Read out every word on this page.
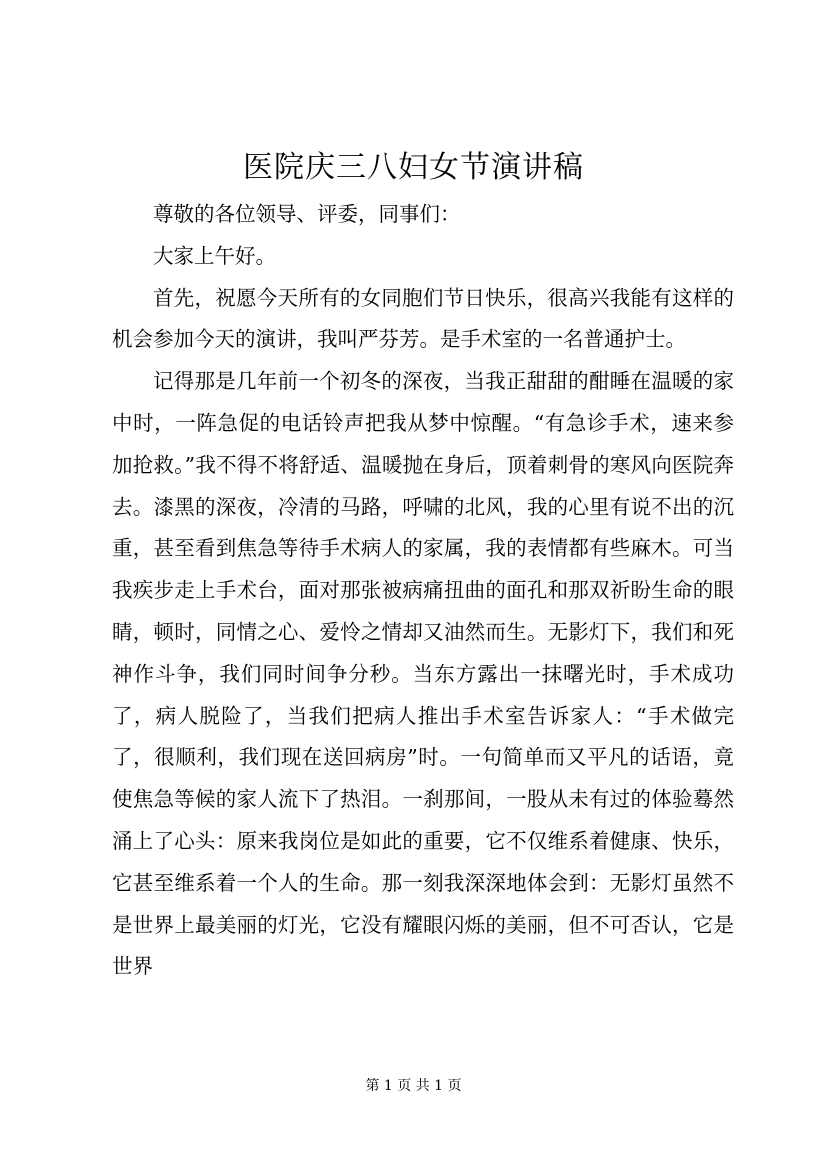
医院庆三八妇女节演讲稿

尊敬的各位领导、评委，同事们：

大家上午好。

首先，祝愿今天所有的女同胞们节日快乐，很高兴我能有这样的机会参加今天的演讲，我叫严芬芳。是手术室的一名普通护士。

记得那是几年前一个初冬的深夜，当我正甜甜的酣睡在温暖的家中时，一阵急促的电话铃声把我从梦中惊醒。“有急诊手术，速来参加抢救。”我不得不将舒适、温暖抛在身后，顶着刺骨的寒风向医院奔去。漆黑的深夜，冷清的马路，呼啸的北风，我的心里有说不出的沉重，甚至看到焦急等待手术病人的家属，我的表情都有些麻木。可当我疾步走上手术台，面对那张被病痛扭曲的面孔和那双祈盼生命的眼睛，顿时，同情之心、爱怜之情却又油然而生。无影灯下，我们和死神作斗争，我们同时间争分秒。当东方露出一抹曙光时，手术成功了，病人脱险了，当我们把病人推出手术室告诉家人：“手术做完了，很顺利，我们现在送回病房”时。一句简单而又平凡的话语，竟使焦急等候的家人流下了热泪。一刹那间，一股从未有过的体验蓦然涌上了心头：原来我岗位是如此的重要，它不仅维系着健康、快乐，它甚至维系着一个人的生命。那一刻我深深地体会到：无影灯虽然不是世界上最美丽的灯光，它没有耀眼闪烁的美丽，但不可否认，它是世界

第 1 页 共 1 页
